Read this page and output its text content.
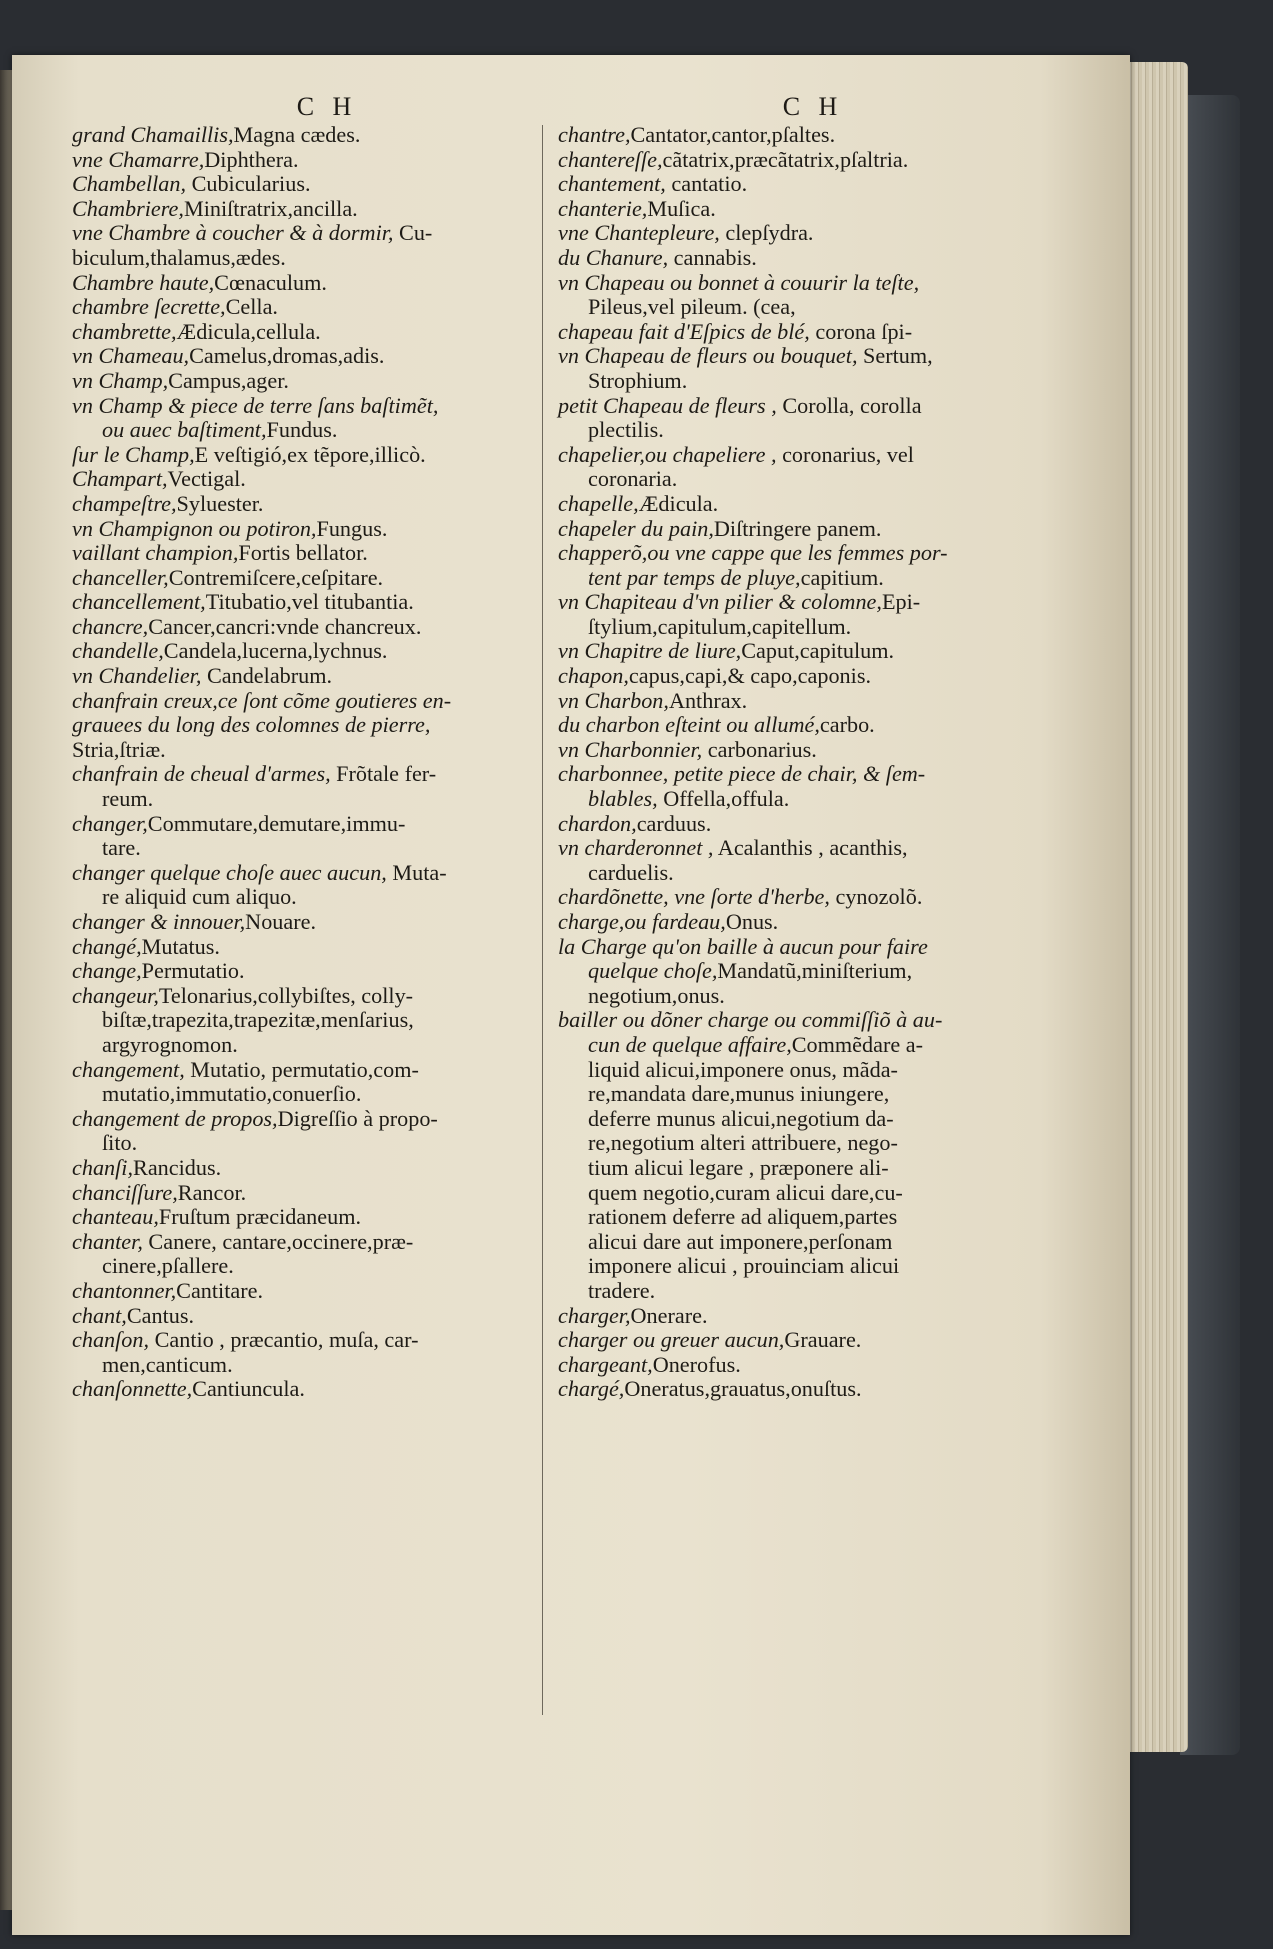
C H

grand Chamaillis,Magna cædes.

vne Chamarre,Diphthera.

Chambellan, Cubicularius.

Chambriere,Miniſtratrix,ancilla.

vne Chambre à coucher & à dormir, Cu-

biculum,thalamus,ædes.

Chambre haute,Cœnaculum.

chambre ſecrette,Cella.

chambrette,Ædicula,cellula.

vn Chameau,Camelus,dromas,adis.

vn Champ,Campus,ager.

vn Champ & piece de terre ſans baſtimẽt,

ou auec baſtiment,Fundus.

ſur le Champ,E veſtigió,ex tẽpore,illicò.

Champart,Vectigal.

champeſtre,Syluester.

vn Champignon ou potiron,Fungus.

vaillant champion,Fortis bellator.

chanceller,Contremiſcere,ceſpitare.

chancellement,Titubatio,vel titubantia.

chancre,Cancer,cancri:vnde chancreux.

chandelle,Candela,lucerna,lychnus.

vn Chandelier, Candelabrum.

chanfrain creux,ce ſont cõme goutieres en-

grauees du long des colomnes de pierre,

Stria,ſtriæ.

chanfrain de cheual d'armes, Frõtale fer-

reum.

changer,Commutare,demutare,immu-

tare.

changer quelque choſe auec aucun, Muta-

re aliquid cum aliquo.

changer & innouer,Nouare.

changé,Mutatus.

change,Permutatio.

changeur,Telonarius,collybiſtes, colly-

biſtæ,trapezita,trapezitæ,menſarius,

argyrognomon.

changement, Mutatio, permutatio,com-

mutatio,immutatio,conuerſio.

changement de propos,Digreſſio à propo-

ſito.

chanſi,Rancidus.

chanciſſure,Rancor.

chanteau,Fruſtum præcidaneum.

chanter, Canere, cantare,occinere,præ-

cinere,pſallere.

chantonner,Cantitare.

chant,Cantus.

chanſon, Cantio , præcantio, muſa, car-

men,canticum.

chanſonnette,Cantiuncula.

C H

chantre,Cantator,cantor,pſaltes.

chantereſſe,cãtatrix,præcãtatrix,pſaltria.

chantement, cantatio.

chanterie,Muſica.

vne Chantepleure, clepſydra.

du Chanure, cannabis.

vn Chapeau ou bonnet à couurir la teſte,

Pileus,vel pileum. (cea,

chapeau fait d'Eſpics de blé, corona ſpi-

vn Chapeau de fleurs ou bouquet, Sertum,

Strophium.

petit Chapeau de fleurs , Corolla, corolla

plectilis.

chapelier,ou chapeliere , coronarius, vel

coronaria.

chapelle,Ædicula.

chapeler du pain,Diſtringere panem.

chapperõ,ou vne cappe que les femmes por-

tent par temps de pluye,capitium.

vn Chapiteau d'vn pilier & colomne,Epi-

ſtylium,capitulum,capitellum.

vn Chapitre de liure,Caput,capitulum.

chapon,capus,capi,& capo,caponis.

vn Charbon,Anthrax.

du charbon eſteint ou allumé,carbo.

vn Charbonnier, carbonarius.

charbonnee, petite piece de chair, & ſem-

blables, Offella,offula.

chardon,carduus.

vn charderonnet , Acalanthis , acanthis,

carduelis.

chardõnette, vne ſorte d'herbe, cynozolõ.

charge,ou fardeau,Onus.

la Charge qu'on baille à aucun pour faire

quelque choſe,Mandatũ,miniſterium,

negotium,onus.

bailler ou dõner charge ou commiſſiõ à au-

cun de quelque affaire,Commẽdare a-

liquid alicui,imponere onus, mãda-

re,mandata dare,munus iniungere,

deferre munus alicui,negotium da-

re,negotium alteri attribuere, nego-

tium alicui legare , præponere ali-

quem negotio,curam alicui dare,cu-

rationem deferre ad aliquem,partes

alicui dare aut imponere,perſonam

imponere alicui , prouinciam alicui

tradere.

charger,Onerare.

charger ou greuer aucun,Grauare.

chargeant,Onerofus.

chargé,Oneratus,grauatus,onuſtus.
